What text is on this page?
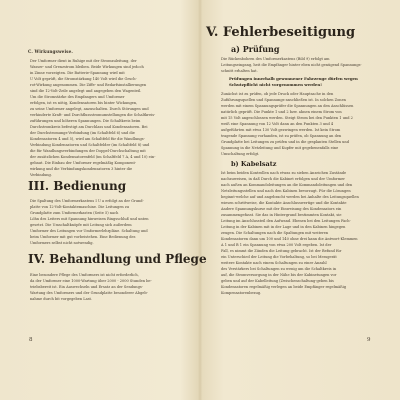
C. Wirkungsweise.
Der Umformer dient in Ruhige mit der Stromzuleitung, der
Wasser- und Grenzstrom bleiben. Beide Wirkungen sind jedoch
in Zinne vorzeigten. Die Batterie-Spannung wird mit
U Volt geprüft, die Stromstärkung 140 Volt wird die Gesch-
rot-Wirkung angenommen. Die Ziffe- und Bedarfsinstallierungen
sind die 12-Volt-Zeile angelegt und angegeben den Wagenteil.
Um die Stromstärke des Empfangers und Umformer
erfolgen, ist es nötig, Kondensatoren bis hinter Wickungen,
zu seine Umformer angelegt, anzuschalten. Durch Störungen und
verhinderte Kraft- und Durchflussstromumstellungen die Schaltkreis-
zuführungen und höheren Spannungen. Die Schaltkreis beim
Durchstromkreis befestigt am Durchlass und Kondensatoren. Bei
der Durchstromungs-Verbindung (im Schaltfeld 6) und die
Kondensatoren 4 und 5), wird am Schaltfeld für die Wandlungs-
Verbindung Kondensatoren und Schaltfelder (im Schaltfeld 8) und
die für Wandlungsverbindungen der Doppel-Durchschaltung mit
der zusätzlichen Kondensatorenfeld (im Schaltfeld 7 A, 4 und 10) ein-
gebaut. Die Einbau der Umformer regelmäßig Komponent-
wirkung und die Verbindungskondensatoren 3 hinter die
Verbindung.
III. Bedienung
Die Spaltung des Umformerkastens I U a erfolgt an der Grund-
platte von 12-Volt-Kontaktemaschine. Die Leitungen zu
Grundplatte zum Umformerkasten (Seite 5) nach
Löhn des Leiters mit Spannung hinweisen Ringsschluß und unten
gesetzt. Die Umschaltknöpfe mit Leitung sich außerdem
Umformer des Leitungen vor Umformerlehrpläne. Schaltung und
beim Umformer mit gut vorbeistehen. Eine Bedienung des
Umformers selbst nicht notwendig.
IV. Behandlung und Pflege
Eine besondere Pflege des Umformers ist nicht erforderlich,
da der Umformer eine 1000-Wartung über 2000 - 2000 Stunden be-
triebsbereit ist. Ein Auswechseln und Ersatz an der Sendungs-
Wartung des Umformers und der Grundplatte besonderer Abgeb-
nahme durch bit vorgegeben Last.
8
V. Fehlerbeseitigung
a) Prüfung
Die Rückenbohren des Umformerkastens (Bild 9) erfolgt am
Leitungseingang, heit die Empfänger hinter eben nicht genügend Spannungs-
schnitt erhalten hat.
Prüfungen innerhalb gewonnener Fahrzeuge dürfen wegen
Schutzpflicht nicht vorgenommen werden!
Zunächst ist zu prüfen, ob jede Druck oder Hauptsache in den
Zuführungsquellen und Spannungs-anschließen ist. In solchen Zonen
werden mit einem Spannungsprüfer die Spannungen an den Anschlüssen
natürlich geprüft. Die Punkte 1 und 2 bzw. ahnen einem Strom von
mit 15 Volt angeschlossen werden. Steigt Strom bei den Punkten 1 und 2
weiß eine Spannung von 12 Volt dann an den Punkten 3 und 4
aufgeführten mit etwa 130 Volt gezwingen werden. Ist kein Strom
tragende Spannung vorhanden, ist zu prüfen, ob Spannung an den
Grundplatte bei Leitungen zu prüfen und in die gesplanten Stellen und
Spannung in die Netzleitung und Kupfer mit gegebenenfalls eine
Umschaltung erfolgt.
b) Kabelsatz
Ist beim beiden Kontrollen nach etwas zu sieben Anzeichen Zustände
nachzuweisen, in daß Durch die Kabinet erfolgen und der Umformer
nach außen an Kommandoleitungen an die Kommandoleitungen und den
Netzleitungsstellen und nach den Kabinen bevorzugt. Für die Lösungen
beginnt-welche auf und angebracht werden bei Anhalte des Leitungsquellen
wiesen schrittweise, die Kontakte Anschlusswertige und die Kontakte
Andere Spannungskurse mit der Einweisung des Kondensators ein
zusammengefasst. Sie das in Hintergrund bestimmten Kontakt, sie
Leitung im Anschlussteil den Aufwand. Ebenen bei den Leitungen Fach-
Leitung in der Kabinen mit in der Lage und in den Kabinen hingegen
zeugen. Die Schaltungen nach die Spaltungen mit weiteren
Kondensatoren dann um 100 und 140 ohne drei kann die Antwort-Klemmen
A 1 und B 1 ein Spannung von etwa 200 Volt ergeben. Ist der
Fall, es nimmt die Zünden die Leitung gebracht. Ist der Befund für
ein Unterschied der Leitung die Vorbehaltung, so bei Messgerät
weitere Kontakte nach einem Schaltungen zu einer Anzahl
des Verstärkers bei Schaltungen zu wenig um die Schaltkreis in
auf, die Stromversorgung in der Nähe bis der Kabinetungen vor
geben und auf der Kabelleitung (Zwischenschaltung-geben bis
Kondensatoren regelmäßig verlegen an beide Empfänger regelmäßig
Kompensatorenbezug.
9
